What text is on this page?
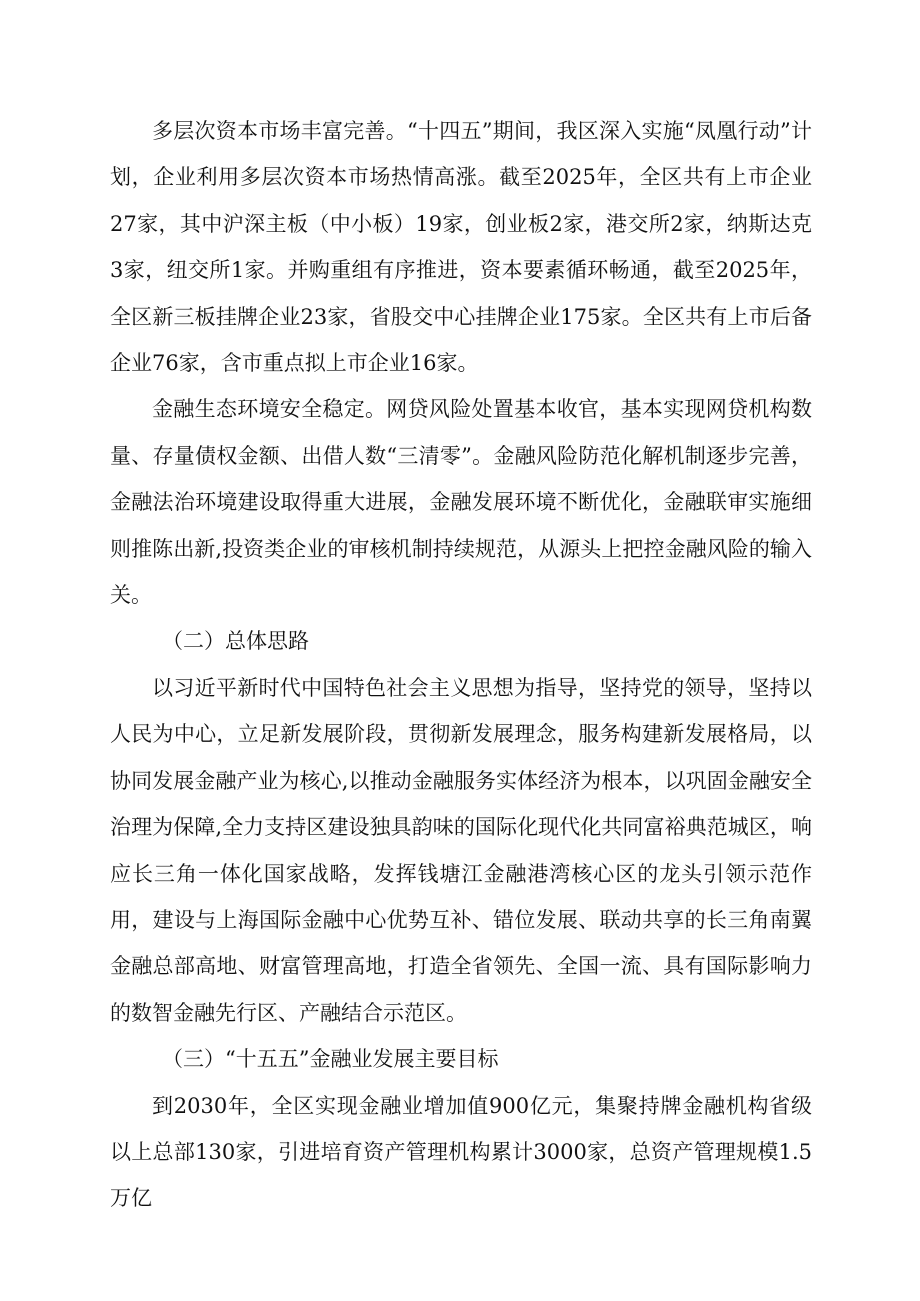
多层次资本市场丰富完善。“十四五”期间，我区深入实施“凤凰行动”计划，企业利用多层次资本市场热情高涨。截至2025年，全区共有上市企业27家，其中沪深主板（中小板）19家，创业板2家，港交所2家，纳斯达克3家，纽交所1家。并购重组有序推进，资本要素循环畅通，截至2025年，全区新三板挂牌企业23家，省股交中心挂牌企业175家。全区共有上市后备企业76家，含市重点拟上市企业16家。

金融生态环境安全稳定。网贷风险处置基本收官，基本实现网贷机构数量、存量债权金额、出借人数“三清零”。金融风险防范化解机制逐步完善，金融法治环境建设取得重大进展，金融发展环境不断优化，金融联审实施细则推陈出新,投资类企业的审核机制持续规范，从源头上把控金融风险的输入关。

（二）总体思路

以习近平新时代中国特色社会主义思想为指导，坚持党的领导，坚持以人民为中心，立足新发展阶段，贯彻新发展理念，服务构建新发展格局，以协同发展金融产业为核心,以推动金融服务实体经济为根本，以巩固金融安全治理为保障,全力支持区建设独具韵味的国际化现代化共同富裕典范城区，响应长三角一体化国家战略，发挥钱塘江金融港湾核心区的龙头引领示范作用，建设与上海国际金融中心优势互补、错位发展、联动共享的长三角南翼金融总部高地、财富管理高地，打造全省领先、全国一流、具有国际影响力的数智金融先行区、产融结合示范区。

（三）“十五五”金融业发展主要目标

到2030年，全区实现金融业增加值900亿元，集聚持牌金融机构省级以上总部130家，引进培育资产管理机构累计3000家，总资产管理规模1.5万亿
